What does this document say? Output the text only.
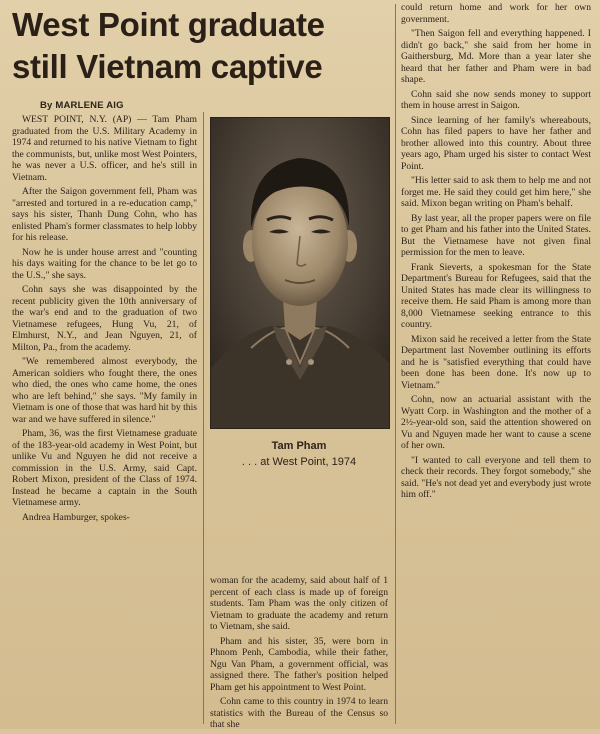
West Point graduate
still Vietnam captive
By MARLENE AIG

WEST POINT, N.Y. (AP) — Tam Pham graduated from the U.S. Military Academy in 1974 and returned to his native Vietnam to fight the communists, but, unlike most West Pointers, he was never a U.S. officer, and he's still in Vietnam.

After the Saigon government fell, Pham was "arrested and tortured in a re-education camp," says his sister, Thanh Dung Cohn, who has enlisted Pham's former classmates to help lobby for his release.

Now he is under house arrest and "counting his days waiting for the chance to be let go to the U.S.," she says.

Cohn says she was disappointed by the recent publicity given the 10th anniversary of the war's end and to the graduation of two Vietnamese refugees, Hung Vu, 21, of Elmhurst, N.Y., and Jean Nguyen, 21, of Milton, Pa., from the academy.

"We remembered almost everybody, the American soldiers who fought there, the ones who died, the ones who came home, the ones who are left behind," she says. "My family in Vietnam is one of those that was hard hit by this war and we have suffered in silence."

Pham, 36, was the first Vietnamese graduate of the 183-year-old academy in West Point, but unlike Vu and Nguyen he did not receive a commission in the U.S. Army, said Capt. Robert Mixon, president of the Class of 1974. Instead he became a captain in the South Vietnamese army.

Andrea Hamburger, spokes-

Tam Pham
. . . at West Point, 1974

woman for the academy, said about half of 1 percent of each class is made up of foreign students. Tam Pham was the only citizen of Vietnam to graduate the academy and return to Vietnam, she said.

Pham and his sister, 35, were born in Phnom Penh, Cambodia, while their father, Ngu Van Pham, a government official, was assigned there. The father's position helped Pham get his appointment to West Point.

Cohn came to this country in 1974 to learn statistics with the Bureau of the Census so that she

could return home and work for her own government.

"Then Saigon fell and everything happened. I didn't go back," she said from her home in Gaithersburg, Md. More than a year later she heard that her father and Pham were in bad shape.

Cohn said she now sends money to support them in house arrest in Saigon.

Since learning of her family's whereabouts, Cohn has filed papers to have her father and brother allowed into this country. About three years ago, Pham urged his sister to contact West Point.

"His letter said to ask them to help me and not forget me. He said they could get him here," she said. Mixon began writing on Pham's behalf.

By last year, all the proper papers were on file to get Pham and his father into the United States. But the Vietnamese have not given final permission for the men to leave.

Frank Sieverts, a spokesman for the State Department's Bureau for Refugees, said that the United States has made clear its willingness to receive them. He said Pham is among more than 8,000 Vietnamese seeking entrance to this country.

Mixon said he received a letter from the State Department last November outlining its efforts and he is "satisfied everything that could have been done has been done. It's now up to Vietnam."

Cohn, now an actuarial assistant with the Wyatt Corp. in Washington and the mother of a 2½-year-old son, said the attention showered on Vu and Nguyen made her want to cause a scene of her own.

"I wanted to call everyone and tell them to check their records. They forgot somebody," she said. "He's not dead yet and everybody just wrote him off."
